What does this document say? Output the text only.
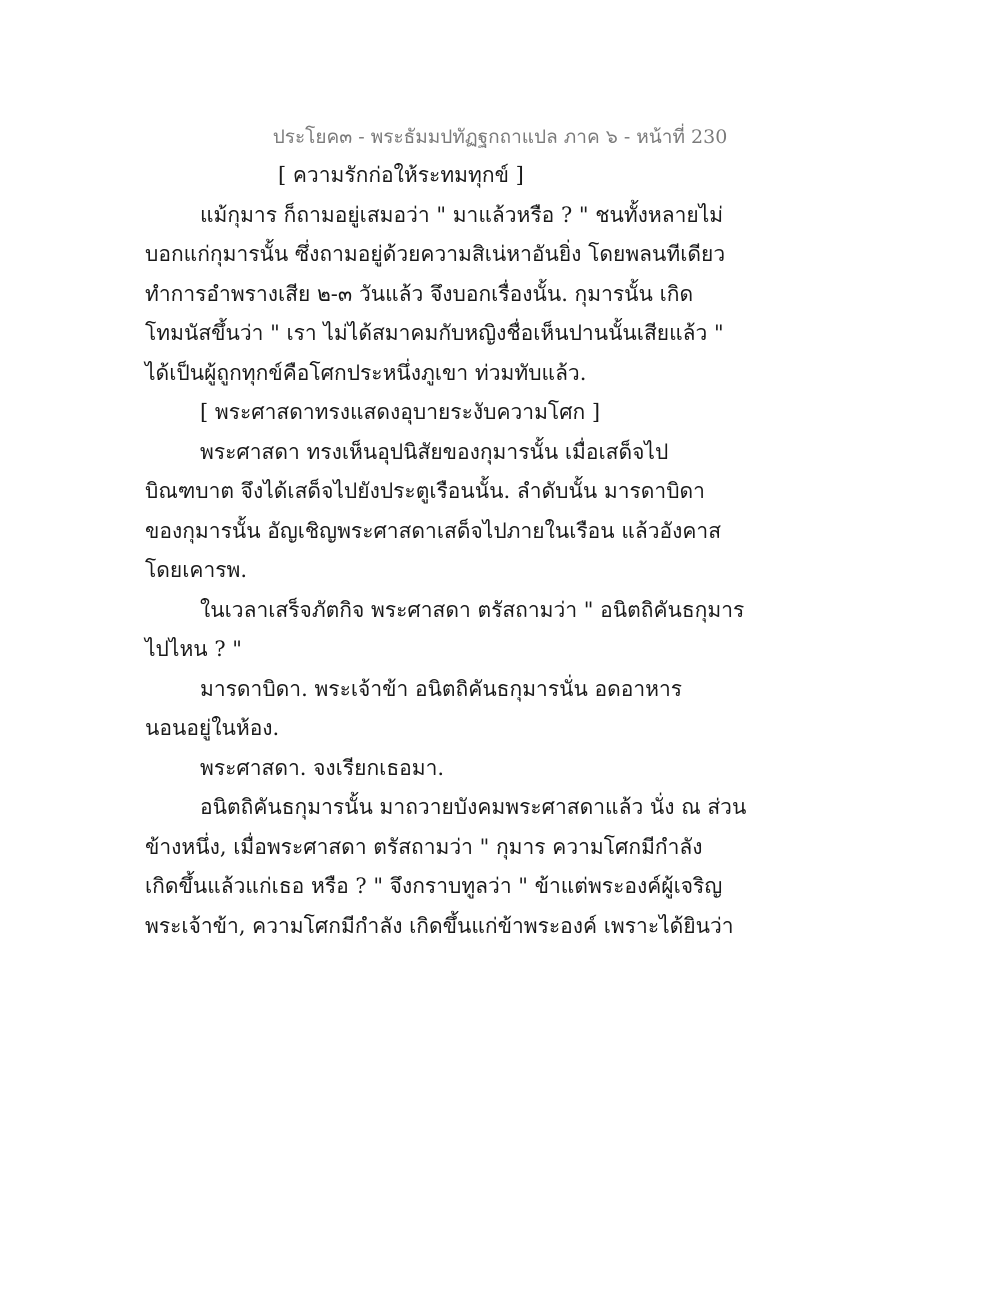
ประโยค๓ - พระธัมมปทัฏฐกถาแปล ภาค ๖ - หน้าที่ 230
[ ความรักก่อให้ระทมทุกข์ ]
แม้กุมาร ก็ถามอยู่เสมอว่า " มาแล้วหรือ ? " ชนทั้งหลายไม่
บอกแก่กุมารนั้น ซึ่งถามอยู่ด้วยความสิเน่หาอันยิ่ง โดยพลนทีเดียว
ทำการอำพรางเสีย ๒-๓ วันแล้ว จึงบอกเรื่องนั้น. กุมารนั้น เกิด
โทมนัสขึ้นว่า " เรา ไม่ได้สมาคมกับหญิงชื่อเห็นปานนั้นเสียแล้ว "
ได้เป็นผู้ถูกทุกข์คือโศกประหนึ่งภูเขา ท่วมทับแล้ว.
[ พระศาสดาทรงแสดงอุบายระงับความโศก ]
พระศาสดา ทรงเห็นอุปนิสัยของกุมารนั้น เมื่อเสด็จไป
บิณฑบาต จึงได้เสด็จไปยังประตูเรือนนั้น. ลำดับนั้น มารดาบิดา
ของกุมารนั้น อัญเชิญพระศาสดาเสด็จไปภายในเรือน แล้วอังคาส
โดยเคารพ.
ในเวลาเสร็จภัตกิจ พระศาสดา ตรัสถามว่า " อนิตถิคันธกุมาร
ไปไหน ? "
มารดาบิดา. พระเจ้าข้า อนิตถิคันธกุมารนั่น อดอาหาร
นอนอยู่ในห้อง.
พระศาสดา. จงเรียกเธอมา.
อนิตถิคันธกุมารนั้น มาถวายบังคมพระศาสดาแล้ว นั่ง ณ ส่วน
ข้างหนึ่ง, เมื่อพระศาสดา ตรัสถามว่า " กุมาร ความโศกมีกำลัง
เกิดขึ้นแล้วแก่เธอ หรือ ? " จึงกราบทูลว่า " ข้าแต่พระองค์ผู้เจริญ
พระเจ้าข้า, ความโศกมีกำลัง เกิดขึ้นแก่ข้าพระองค์ เพราะได้ยินว่า
